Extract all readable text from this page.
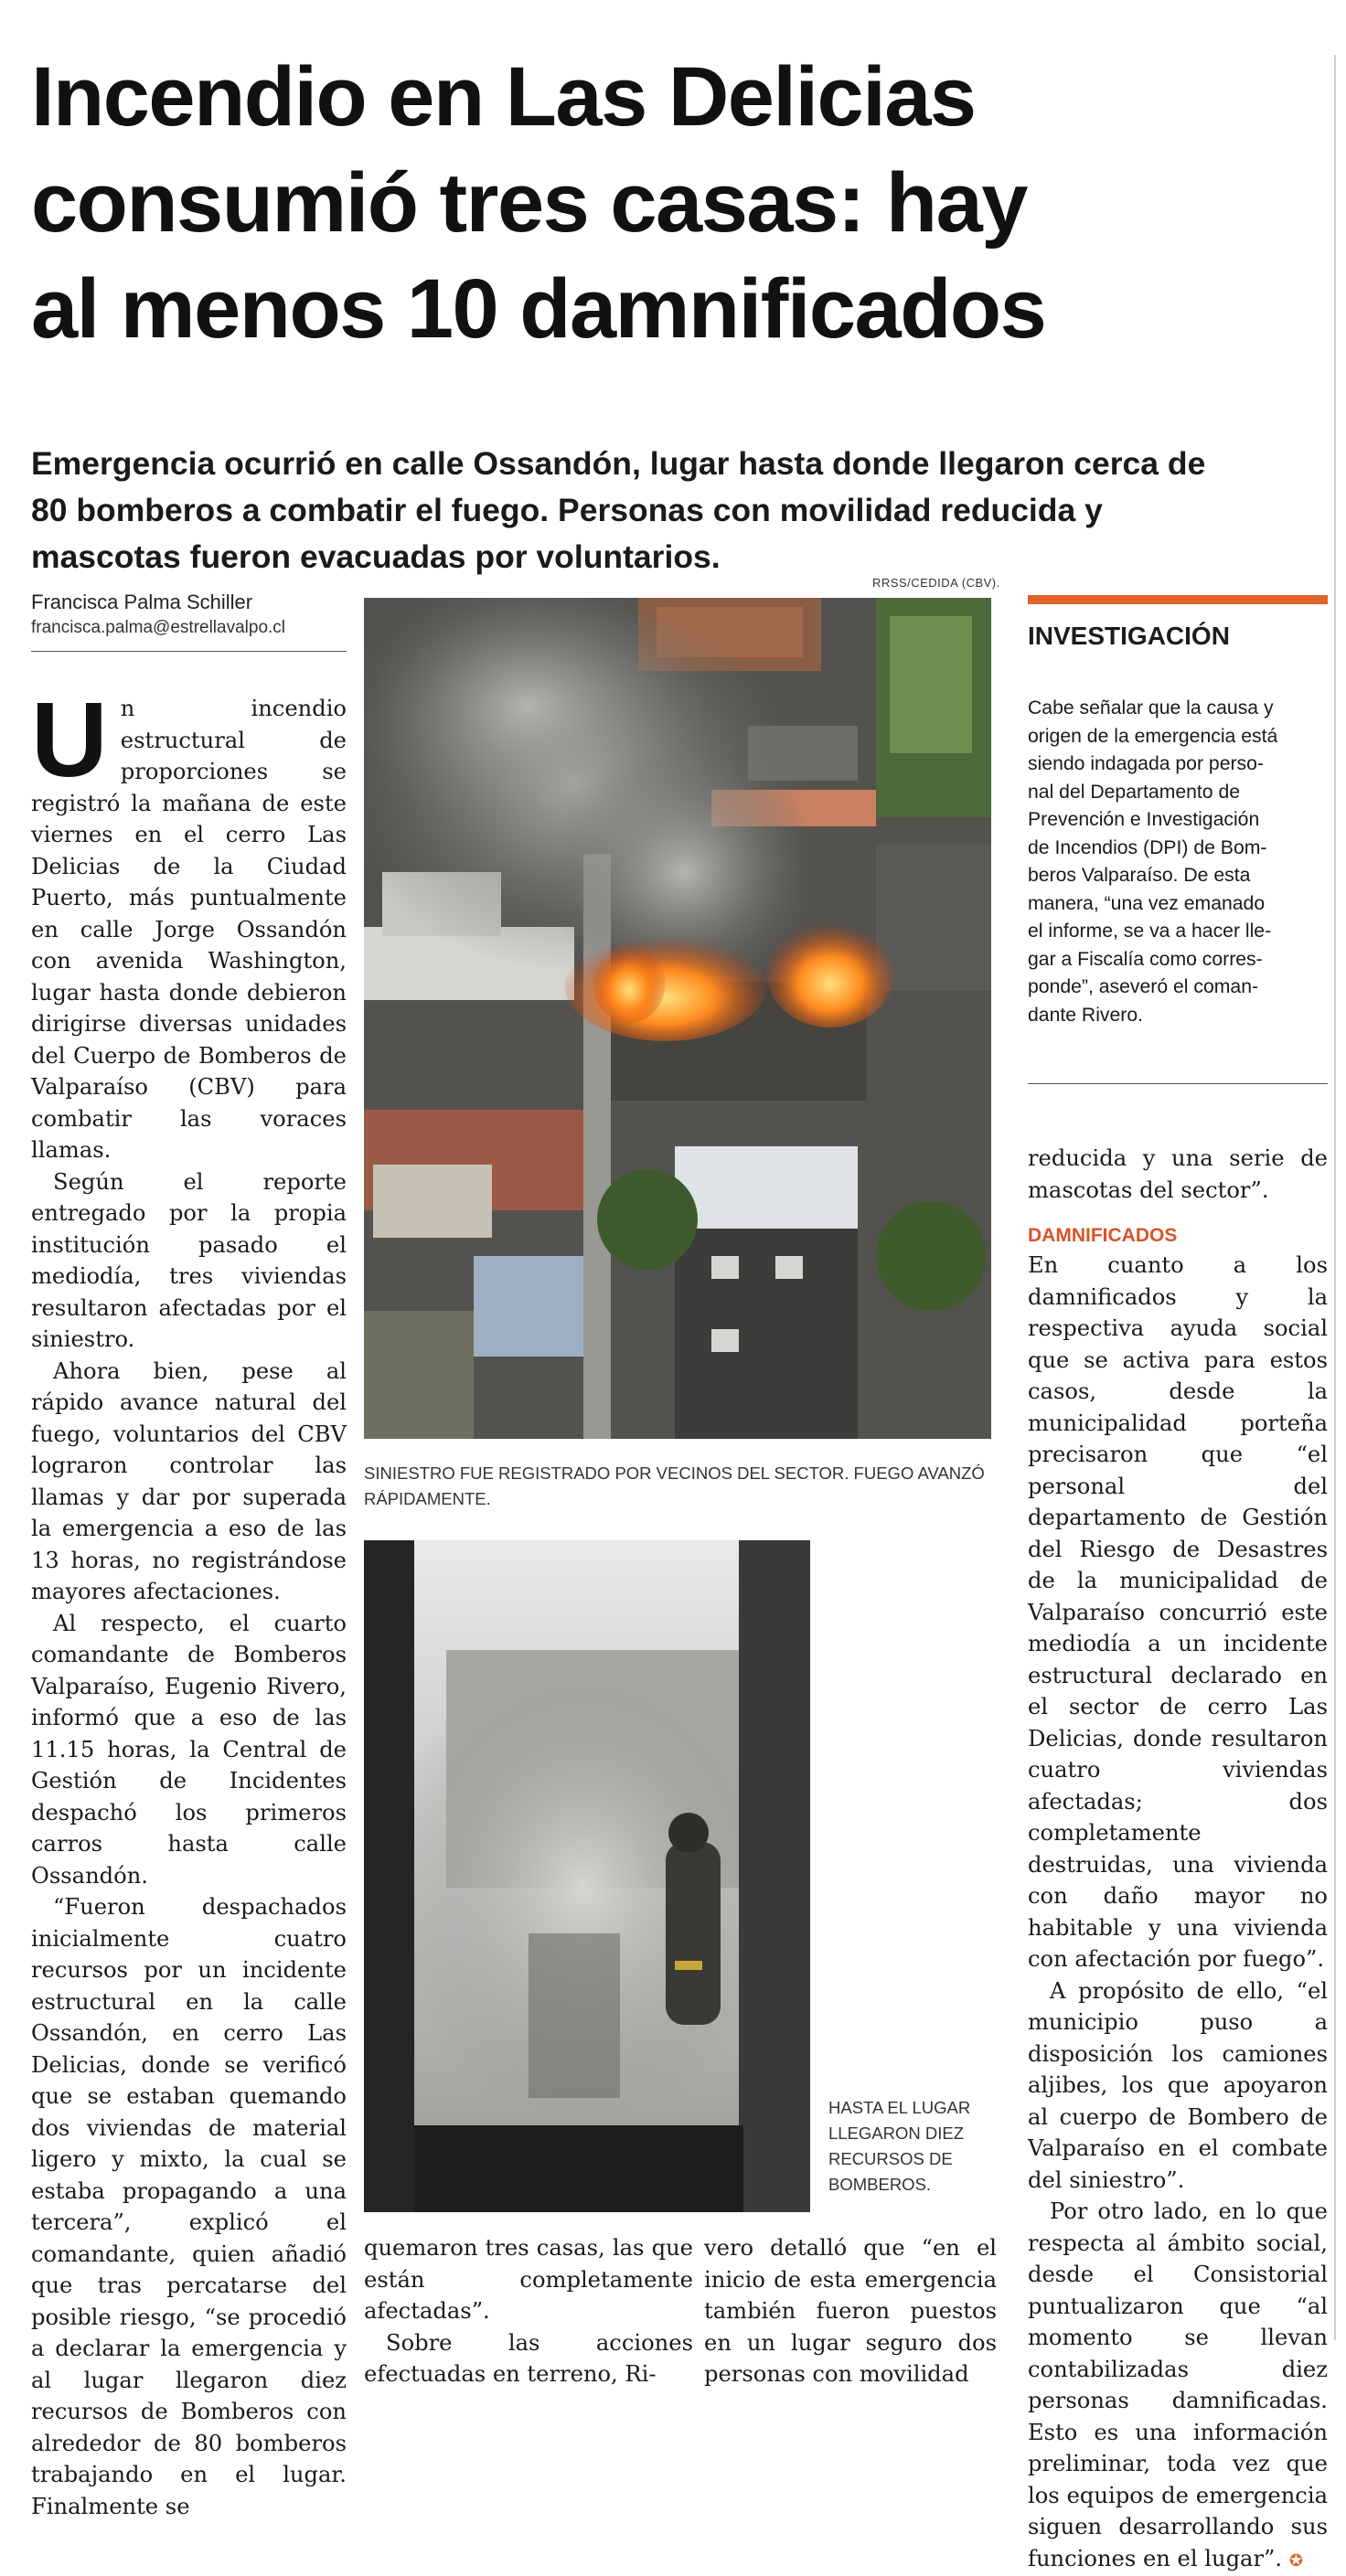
Incendio en Las Delicias
consumió tres casas: hay
al menos 10 damnificados
Emergencia ocurrió en calle Ossandón, lugar hasta donde llegaron cerca de
80 bomberos a combatir el fuego. Personas con movilidad reducida y
mascotas fueron evacuadas por voluntarios.
Francisca Palma Schiller
francisca.palma@estrellavalpo.cl
RRSS/CEDIDA (CBV).
SINIESTRO FUE REGISTRADO POR VECINOS DEL SECTOR. FUEGO AVANZÓ RÁPIDAMENTE.
HASTA EL LUGAR LLEGARON DIEZ RECURSOS DE BOMBEROS.

Un incendio estructural de proporciones se registró la mañana de este viernes en el cerro Las Delicias de la Ciudad Puerto, más puntualmente en calle Jorge Ossandón con avenida Washington, lugar hasta donde debieron dirigirse diversas unidades del Cuerpo de Bomberos de Valparaíso (CBV) para combatir las voraces llamas.

Según el reporte entregado por la propia institución pasado el mediodía, tres viviendas resultaron afectadas por el siniestro.

Ahora bien, pese al rápido avance natural del fuego, voluntarios del CBV lograron controlar las llamas y dar por superada la emergencia a eso de las 13 horas, no registrándose mayores afectaciones.

Al respecto, el cuarto comandante de Bomberos Valparaíso, Eugenio Rivero, informó que a eso de las 11.15 horas, la Central de Gestión de Incidentes despachó los primeros carros hasta calle Ossandón.

“Fueron despachados inicialmente cuatro recursos por un incidente estructural en la calle Ossandón, en cerro Las Delicias, donde se verificó que se estaban quemando dos viviendas de material ligero y mixto, la cual se estaba propagando a una tercera”, explicó el comandante, quien añadió que tras percatarse del posible riesgo, “se procedió a declarar la emergencia y al lugar llegaron diez recursos de Bomberos con alrededor de 80 bomberos trabajando en el lugar. Finalmente se

quemaron tres casas, las que están completamente afectadas”.

Sobre las acciones efectuadas en terreno, Ri-

vero detalló que “en el inicio de esta emergencia también fueron puestos en un lugar seguro dos personas con movilidad

INVESTIGACIÓN
Cabe señalar que la causa y
origen de la emergencia está
siendo indagada por perso-
nal del Departamento de
Prevención e Investigación
de Incendios (DPI) de Bom-
beros Valparaíso. De esta
manera, “una vez emanado
el informe, se va a hacer lle-
gar a Fiscalía como corres-
ponde”, aseveró el coman-
dante Rivero.

reducida y una serie de mascotas del sector”.

DAMNIFICADOS

En cuanto a los damnificados y la respectiva ayuda social que se activa para estos casos, desde la municipalidad porteña precisaron que “el personal del departamento de Gestión del Riesgo de Desastres de la municipalidad de Valparaíso concurrió este mediodía a un incidente estructural declarado en el sector de cerro Las Delicias, donde resultaron cuatro viviendas afectadas; dos completamente destruidas, una vivienda con daño mayor no habitable y una vivienda con afectación por fuego”.

A propósito de ello, “el municipio puso a disposición los camiones aljibes, los que apoyaron al cuerpo de Bombero de Valparaíso en el combate del siniestro”.

Por otro lado, en lo que respecta al ámbito social, desde el Consistorial puntualizaron que “al momento se llevan contabilizadas diez personas damnificadas. Esto es una información preliminar, toda vez que los equipos de emergencia siguen desarrollando sus funciones en el lugar”. ✪
